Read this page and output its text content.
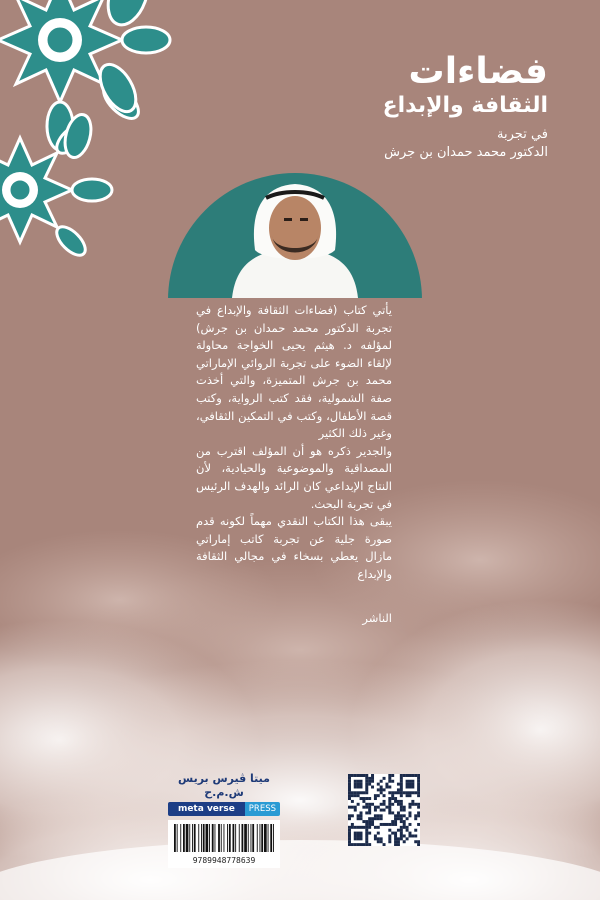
فضاءات
الثقافة والإبداع
في تجربة
الدكتور محمد حمدان بن جرش

يأتي كتاب (فضاءات الثقافة والإبداع في تجربة الدكتور محمد حمدان بن جرش) لمؤلفه د. هيثم يحيى الخواجة محاولة لإلقاء الضوء على تجربة الروائي الإماراتي محمد بن جرش المتميزة، والتي أخذت صفة الشمولية، فقد كتب الرواية، وكتب قصة الأطفال، وكتب في التمكين الثقافي، وغير ذلك الكثير

والجدير ذكره هو أن المؤلف اقترب من المصداقية والموضوعية والحيادية، لأن النتاج الإبداعي كان الرائد والهدف الرئيس في تجربة البحث.

يبقى هذا الكتاب النقدي مهماً لكونه قدم صورة جلية عن تجربة كاتب إماراتي مازال يعطي بسخاء في مجالي الثقافة والإبداع

الناشر

ميتا ڤيرس بريس ش.م.ح
meta verse	PRESS
9789948778639
